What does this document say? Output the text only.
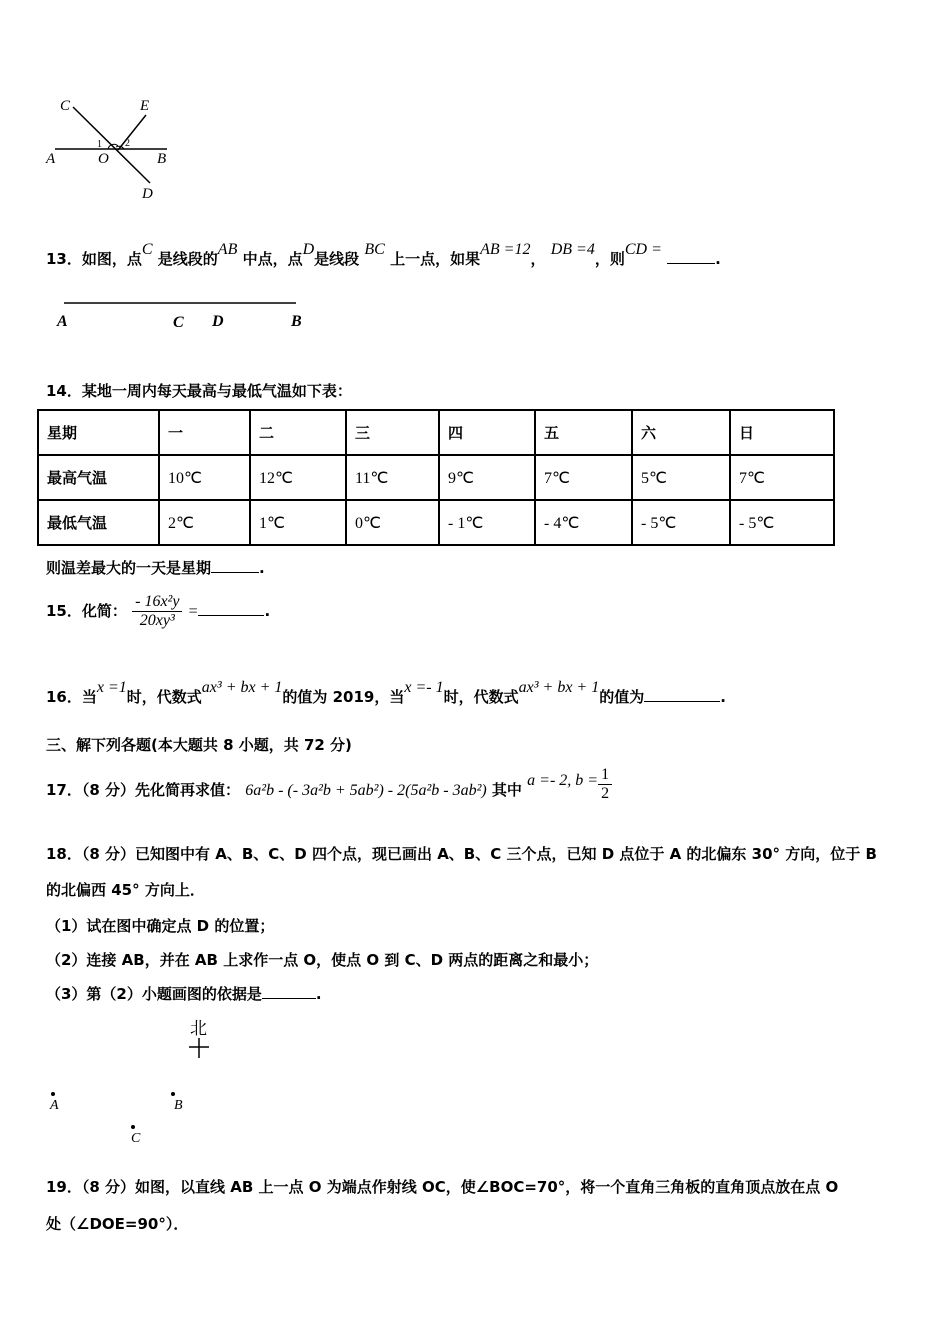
C	E
A	O	B
D
1 2
13．如图，点C 是线段的AB 中点，点D是线段 BC 上一点，如果AB =12， DB =4，则CD = .
A	C D	B
14．某地一周内每天最高与最低气温如下表：
星期	一	二	三	四	五	六	日
最高气温	10℃	12℃	11℃	9℃	7℃	5℃	7℃
最低气温	2℃	1℃	0℃	- 1℃	- 4℃	- 5℃	- 5℃
则温差最大的一天是星期	.
15．化简： $\frac{\text{- 16x²y}}{\text{20xy³}}$ =	.
16．当x =1时，代数式ax³ + bx + 1的值为 2019，当x =- 1时，代数式ax³ + bx + 1的值为	.
三、解下列各题(本大题共 8 小题，共 72 分)
17．（8 分）先化简再求值： 6a²b - (- 3a²b + 5ab²) - 2(5a²b - 3ab²) 其中 a =- 2, $b = \frac{1}{2}$
18．（8 分）已知图中有 A、B、C、D 四个点，现已画出 A、B、C 三个点，已知 D 点位于 A 的北偏东 30° 方向，位于 B
的北偏西 45° 方向上．
（1）试在图中确定点 D 的位置；
（2）连接 AB，并在 AB 上求作一点 O，使点 O 到 C、D 两点的距离之和最小；
（3）第（2）小题画图的依据是	.
北
A	B
C
19．（8 分）如图，以直线 AB 上一点 O 为端点作射线 OC，使∠BOC=70°，将一个直角三角板的直角顶点放在点 O
处（∠DOE=90°）．
